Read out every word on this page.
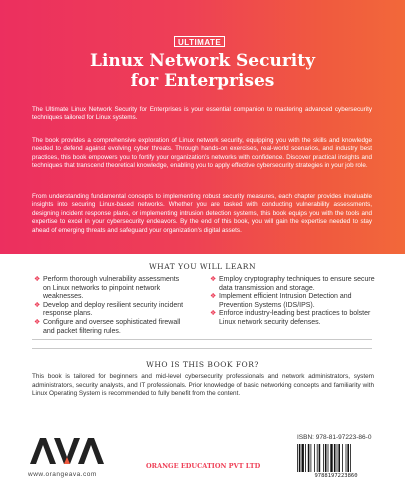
ULTIMATE
Linux Network Security
for Enterprises

The Ultimate Linux Network Security for Enterprises is your essential companion to mastering advanced cybersecurity techniques tailored for Linux systems.

The book provides a comprehensive exploration of Linux network security, equipping you with the skills and knowledge needed to defend against evolving cyber threats. Through hands-on exercises, real-world scenarios, and industry best practices, this book empowers you to fortify your organization's networks with confidence. Discover practical insights and techniques that transcend theoretical knowledge, enabling you to apply effective cybersecurity strategies in your job role.

From understanding fundamental concepts to implementing robust security measures, each chapter provides invaluable insights into securing Linux-based networks. Whether you are tasked with conducting vulnerability assessments, designing incident response plans, or implementing intrusion detection systems, this book equips you with the tools and expertise to excel in your cybersecurity endeavors. By the end of this book, you will gain the expertise needed to stay ahead of emerging threats and safeguard your organization's digital assets.

WHAT YOU WILL LEARN
❖ Perform thorough vulnerability assessments on Linux networks to pinpoint network weaknesses.
❖ Develop and deploy resilient security incident response plans.
❖ Configure and oversee sophisticated firewall and packet filtering rules.
❖ Employ cryptography techniques to ensure secure data transmission and storage.
❖ Implement efficient Intrusion Detection and Prevention Systems (IDS/IPS).
❖ Enforce industry-leading best practices to bolster Linux network security defenses.
WHO IS THIS BOOK FOR?

This book is tailored for beginners and mid-level cybersecurity professionals and network administrators, system administrators, security analysts, and IT professionals. Prior knowledge of basic networking concepts and familiarity with Linux Operating System is recommended to fully benefit from the content.

www.orangeava.com
ORANGE EDUCATION PVT LTD
ISBN: 978-81-97223-86-0
9788197223860
